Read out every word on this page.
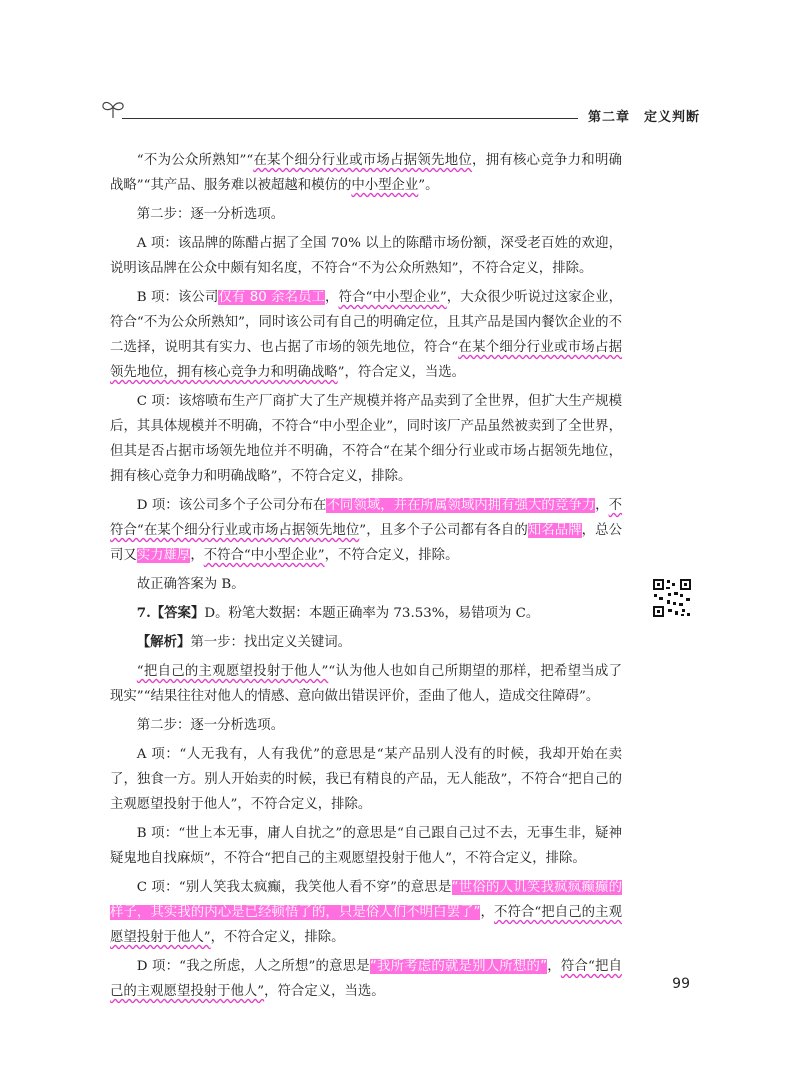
第二章 定义判断

“不为公众所熟知”“在某个细分行业或市场占据领先地位，拥有核心竞争力和明确战略”“其产品、服务难以被超越和模仿的中小型企业”。

第二步：逐一分析选项。

A 项：该品牌的陈醋占据了全国 70% 以上的陈醋市场份额，深受老百姓的欢迎，说明该品牌在公众中颇有知名度，不符合“不为公众所熟知”，不符合定义，排除。

B 项：该公司仅有 80 余名员工，符合“中小型企业”，大众很少听说过这家企业，符合“不为公众所熟知”，同时该公司有自己的明确定位，且其产品是国内餐饮企业的不二选择，说明其有实力、也占据了市场的领先地位，符合“在某个细分行业或市场占据领先地位，拥有核心竞争力和明确战略”，符合定义，当选。

C 项：该熔喷布生产厂商扩大了生产规模并将产品卖到了全世界，但扩大生产规模后，其具体规模并不明确，不符合“中小型企业”，同时该厂产品虽然被卖到了全世界，但其是否占据市场领先地位并不明确，不符合“在某个细分行业或市场占据领先地位，拥有核心竞争力和明确战略”，不符合定义，排除。

D 项：该公司多个子公司分布在不同领域，并在所属领域内拥有强大的竞争力，不符合“在某个细分行业或市场占据领先地位”，且多个子公司都有各自的知名品牌，总公司又实力雄厚，不符合“中小型企业”，不符合定义，排除。

故正确答案为 B。

7.【答案】D。粉笔大数据：本题正确率为 73.53%，易错项为 C。

【解析】第一步：找出定义关键词。

“把自己的主观愿望投射于他人”“认为他人也如自己所期望的那样，把希望当成了现实”“结果往往对他人的情感、意向做出错误评价，歪曲了他人，造成交往障碍”。

第二步：逐一分析选项。

A 项：“人无我有，人有我优”的意思是“某产品别人没有的时候，我却开始在卖了，独食一方。别人开始卖的时候，我已有精良的产品，无人能敌”，不符合“把自己的主观愿望投射于他人”，不符合定义，排除。

B 项：“世上本无事，庸人自扰之”的意思是“自己跟自己过不去，无事生非，疑神疑鬼地自找麻烦”，不符合“把自己的主观愿望投射于他人”，不符合定义，排除。

C 项：“别人笑我太疯癫，我笑他人看不穿”的意思是“世俗的人讥笑我疯疯癫癫的样子，其实我的内心是已经顿悟了的，只是俗人们不明白罢了”，不符合“把自己的主观愿望投射于他人”，不符合定义，排除。

D 项：“我之所虑，人之所想”的意思是“我所考虑的就是别人所想的”，符合“把自己的主观愿望投射于他人”，符合定义，当选。	99
